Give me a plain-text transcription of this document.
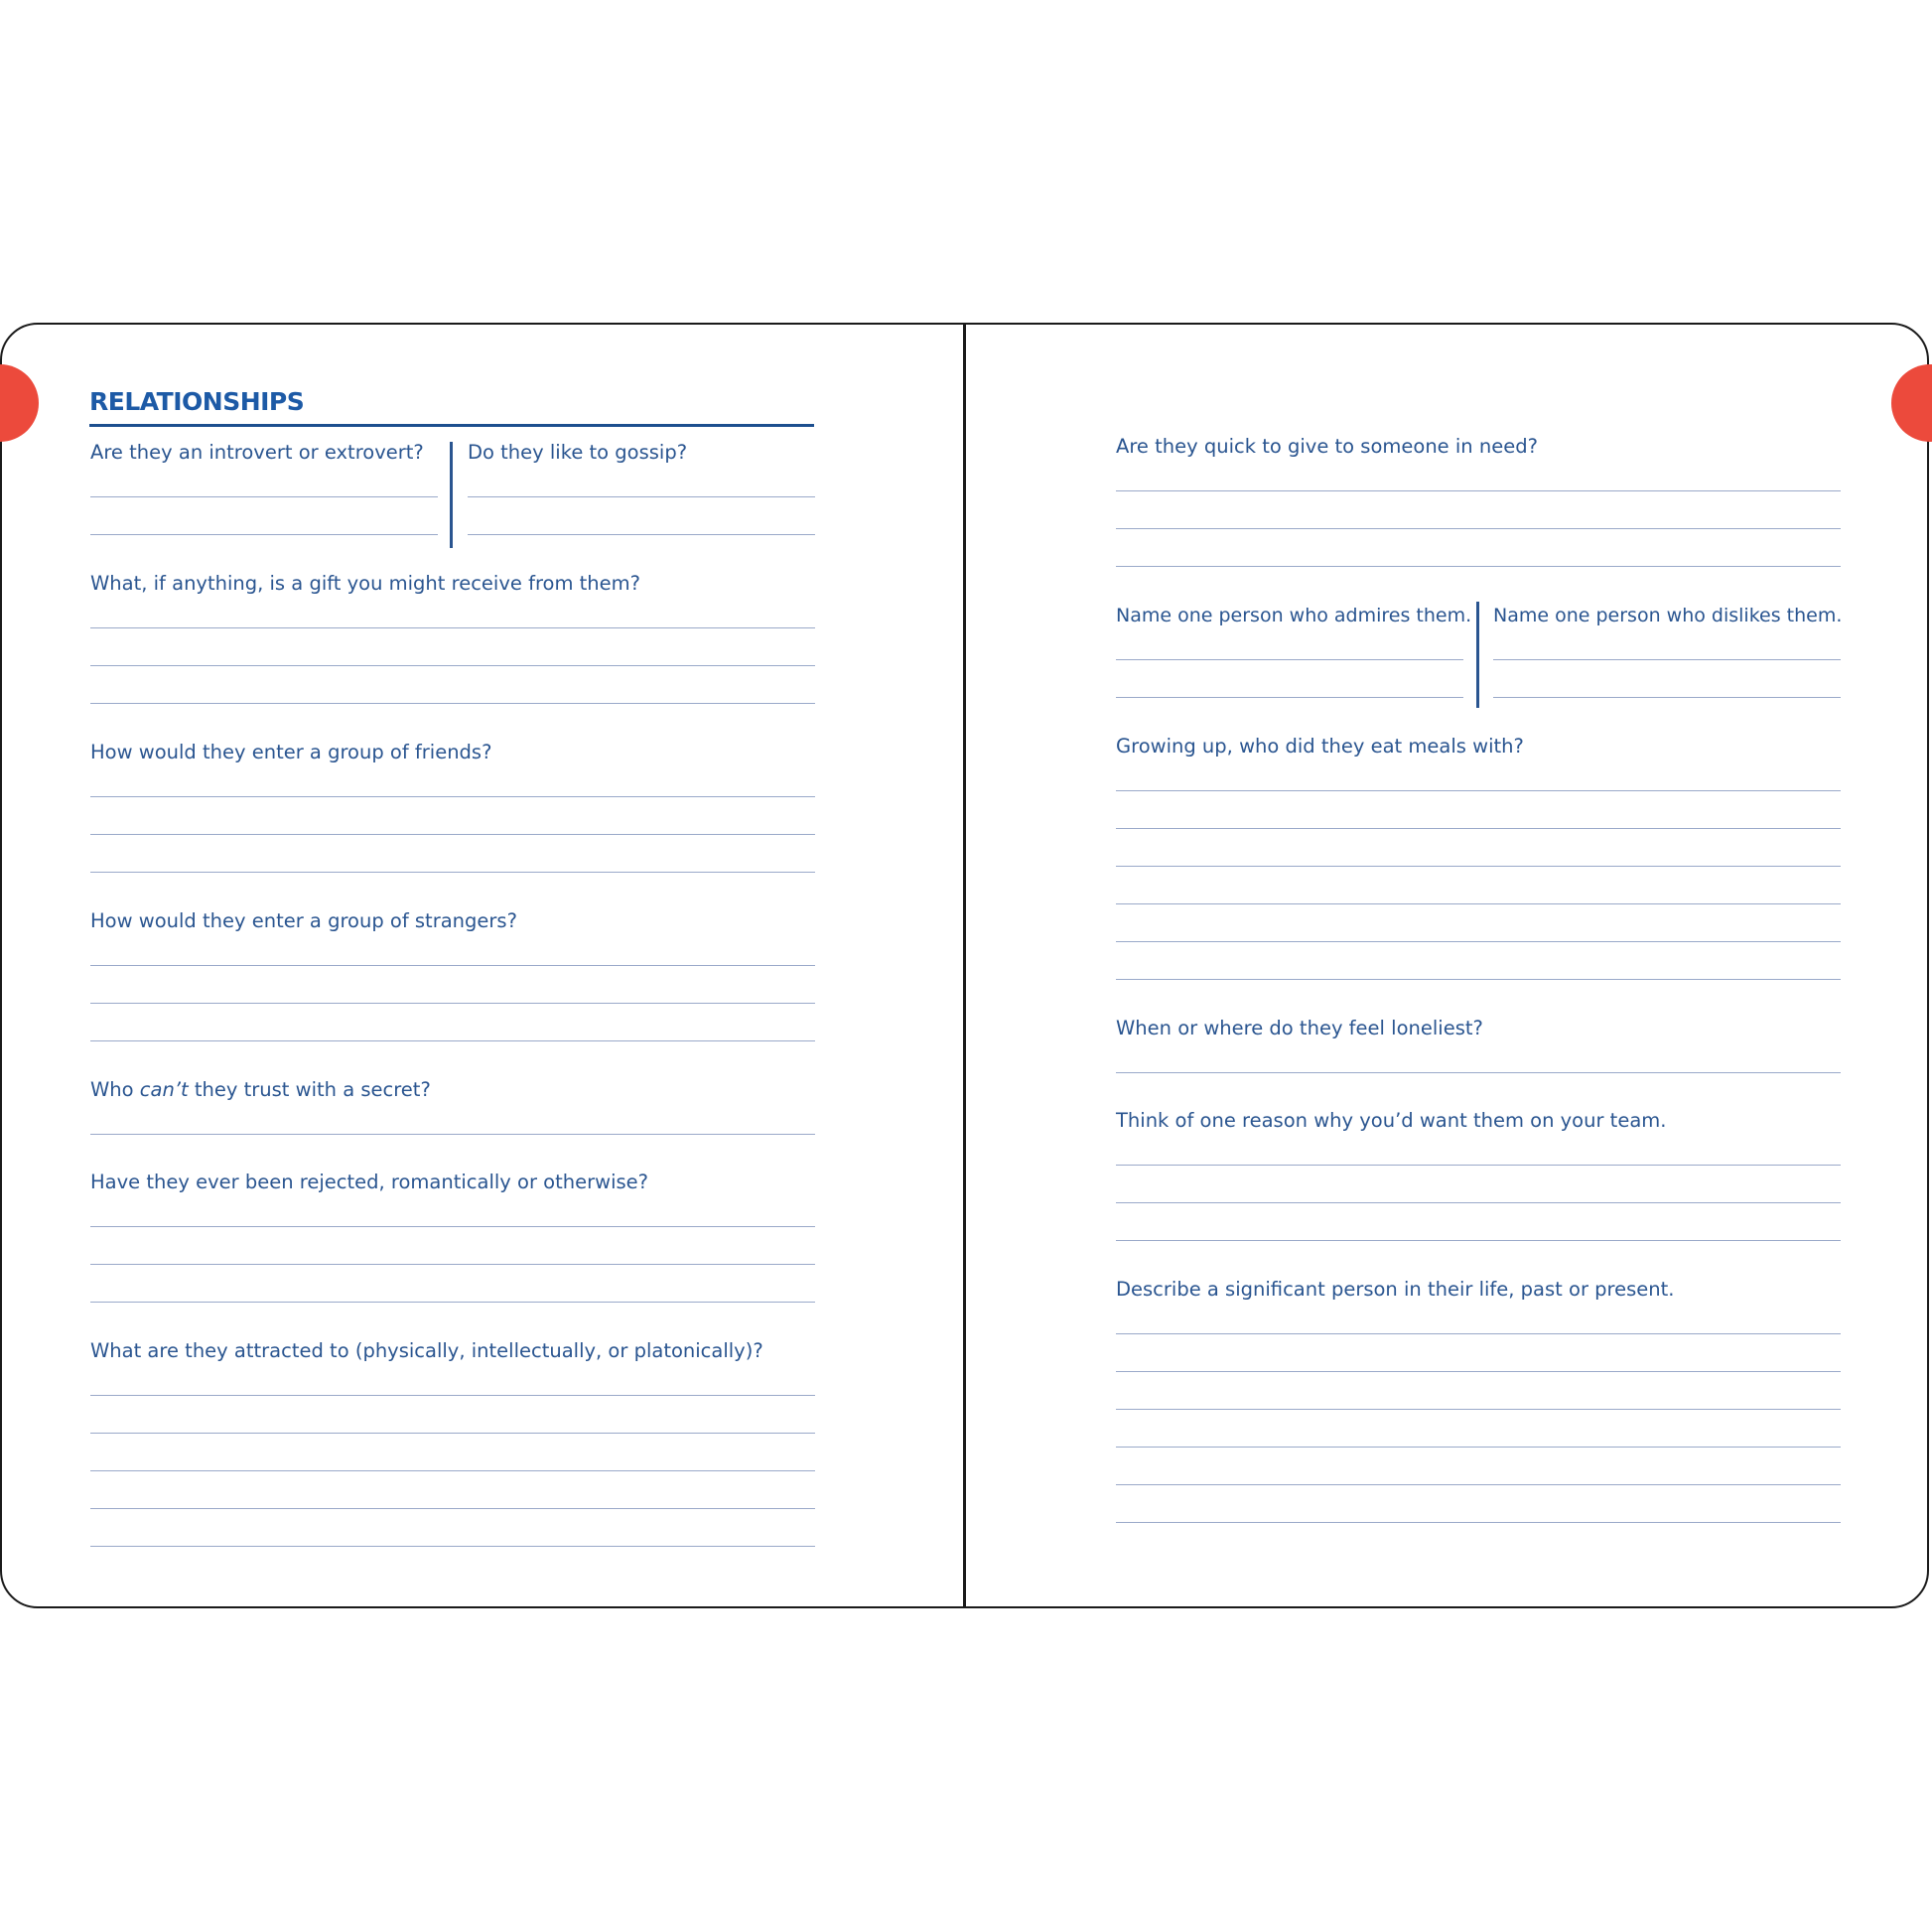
RELATIONSHIPS
Are they an introvert or extrovert? Do they like to gossip?
What, if anything, is a gift you might receive from them?
How would they enter a group of friends?
How would they enter a group of strangers?
Who can’t they trust with a secret?
Have they ever been rejected, romantically or otherwise?
What are they attracted to (physically, intellectually, or platonically)?
Are they quick to give to someone in need?
Name one person who admires them. Name one person who dislikes them.
Growing up, who did they eat meals with?
When or where do they feel loneliest?
Think of one reason why you’d want them on your team.
Describe a significant person in their life, past or present.
